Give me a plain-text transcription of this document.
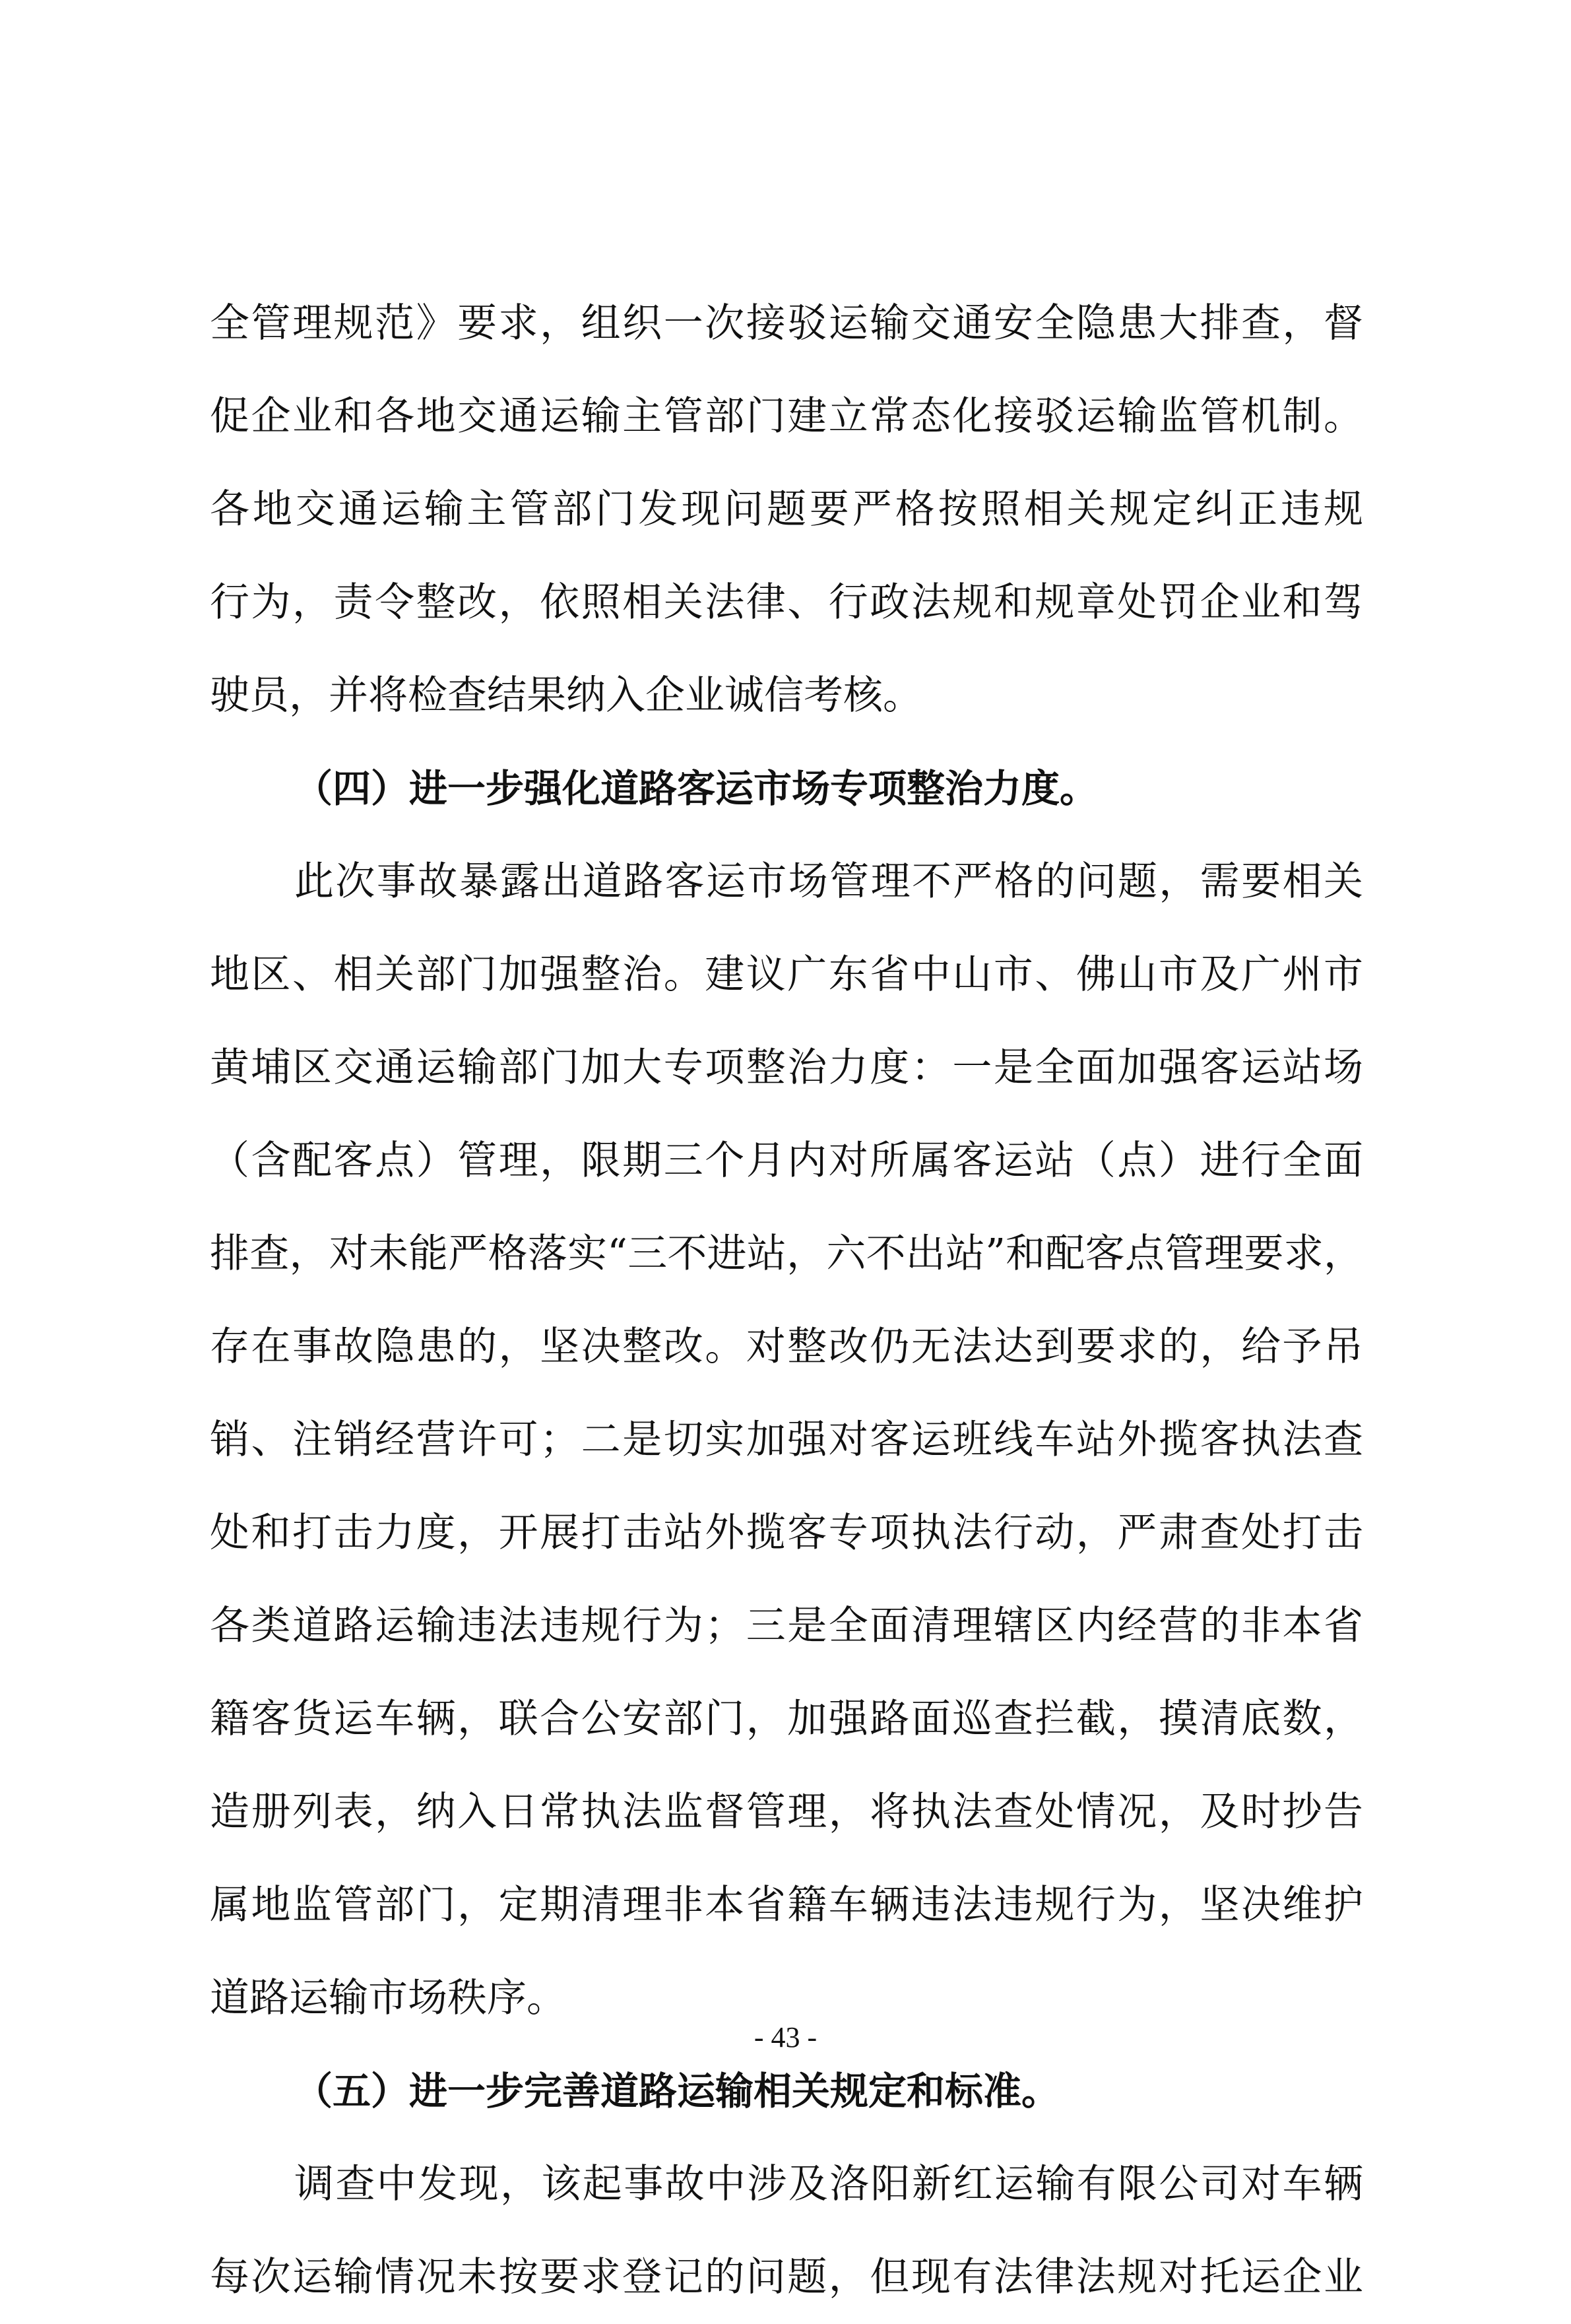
全管理规范》要求，组织一次接驳运输交通安全隐患大排查，督
促企业和各地交通运输主管部门建立常态化接驳运输监管机制。
各地交通运输主管部门发现问题要严格按照相关规定纠正违规
行为，责令整改，依照相关法律、行政法规和规章处罚企业和驾
驶员，并将检查结果纳入企业诚信考核。
（四）进一步强化道路客运市场专项整治力度。
此次事故暴露出道路客运市场管理不严格的问题，需要相关
地区、相关部门加强整治。建议广东省中山市、佛山市及广州市
黄埔区交通运输部门加大专项整治力度：一是全面加强客运站场
（含配客点）管理，限期三个月内对所属客运站（点）进行全面
排查，对未能严格落实“三不进站，六不出站”和配客点管理要求，
存在事故隐患的，坚决整改。对整改仍无法达到要求的，给予吊
销、注销经营许可；二是切实加强对客运班线车站外揽客执法查
处和打击力度，开展打击站外揽客专项执法行动，严肃查处打击
各类道路运输违法违规行为；三是全面清理辖区内经营的非本省
籍客货运车辆，联合公安部门，加强路面巡查拦截，摸清底数，
造册列表，纳入日常执法监督管理，将执法查处情况，及时抄告
属地监管部门，定期清理非本省籍车辆违法违规行为，坚决维护
道路运输市场秩序。
（五）进一步完善道路运输相关规定和标准。
调查中发现，该起事故中涉及洛阳新红运输有限公司对车辆
每次运输情况未按要求登记的问题，但现有法律法规对托运企业
- 43 -
